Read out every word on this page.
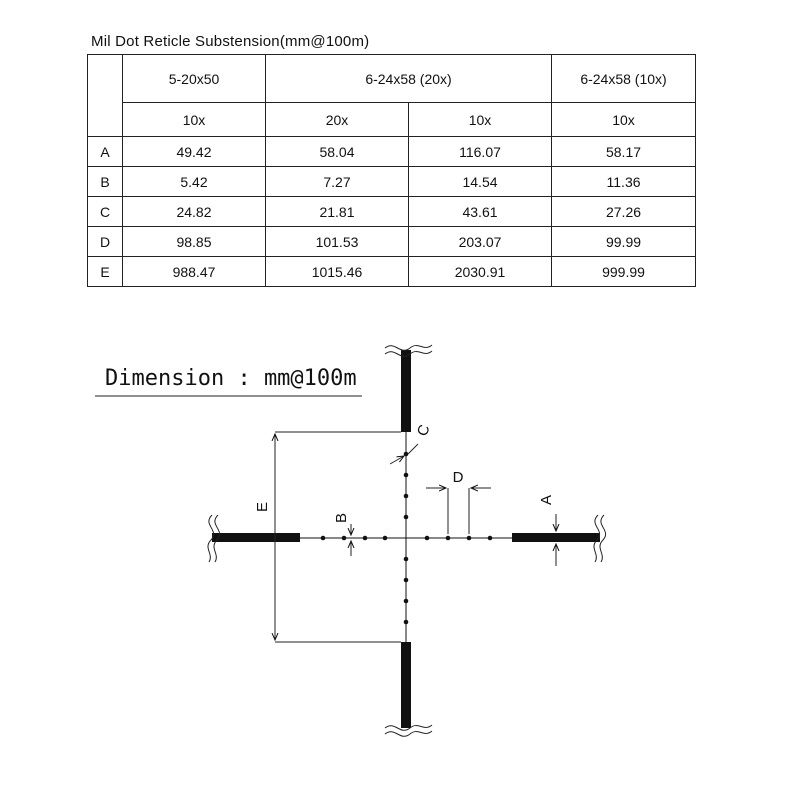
Mil Dot Reticle Substension(mm@100m)
	5-20x50	6-24x58 (20x)		6-24x58 (10x)
	10x	20x	10x	10x
A	49.42	58.04	116.07	58.17
B	5.42	7.27	14.54	11.36
C	24.82	21.81	43.61	27.26
D	98.85	101.53	203.07	99.99
E	988.47	1015.46	2030.91	999.99
Dimension : mm@100m
E
B
C
D
A
